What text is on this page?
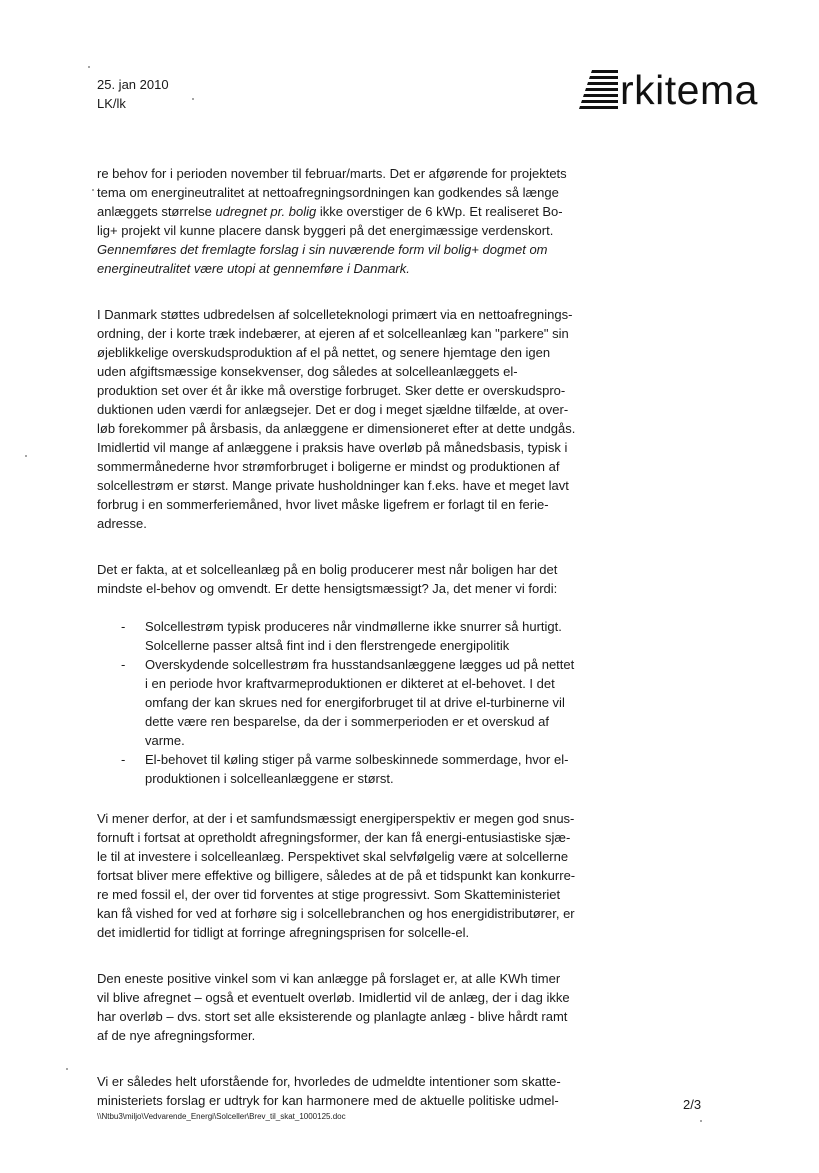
25. jan 2010
LK/lk	rkitema

re behov for i perioden november til februar/marts. Det er afgørende for projektets
tema om energineutralitet at nettoafregningsordningen kan godkendes så længe
anlæggets størrelse udregnet pr. bolig ikke overstiger de 6 kWp. Et realiseret Bo-
lig+ projekt vil kunne placere dansk byggeri på det energimæssige verdenskort.
Gennemføres det fremlagte forslag i sin nuværende form vil bolig+ dogmet om
energineutralitet være utopi at gennemføre i Danmark.

I Danmark støttes udbredelsen af solcelleteknologi primært via en nettoafregnings-
ordning, der i korte træk indebærer, at ejeren af et solcelleanlæg kan "parkere" sin
øjeblikkelige overskudsproduktion af el på nettet, og senere hjemtage den igen
uden afgiftsmæssige konsekvenser, dog således at solcelleanlæggets el-
produktion set over ét år ikke må overstige forbruget. Sker dette er overskudspro-
duktionen uden værdi for anlægsejer. Det er dog i meget sjældne tilfælde, at over-
løb forekommer på årsbasis, da anlæggene er dimensioneret efter at dette undgås.
Imidlertid vil mange af anlæggene i praksis have overløb på månedsbasis, typisk i
sommermånederne hvor strømforbruget i boligerne er mindst og produktionen af
solcellestrøm er størst. Mange private husholdninger kan f.eks. have et meget lavt
forbrug i en sommerferiemåned, hvor livet måske ligefrem er forlagt til en ferie-
adresse.

Det er fakta, at et solcelleanlæg på en bolig producerer mest når boligen har det
mindste el-behov og omvendt. Er dette hensigtsmæssigt? Ja, det mener vi fordi:

- Solcellestrøm typisk produceres når vindmøllerne ikke snurrer så hurtigt.
Solcellerne passer altså fint ind i den flerstrengede energipolitik
- Overskydende solcellestrøm fra husstandsanlæggene lægges ud på nettet
i en periode hvor kraftvarmeproduktionen er dikteret at el-behovet. I det
omfang der kan skrues ned for energiforbruget til at drive el-turbinerne vil
dette være ren besparelse, da der i sommerperioden er et overskud af
varme.
- El-behovet til køling stiger på varme solbeskinnede sommerdage, hvor el-
produktionen i solcelleanlæggene er størst.

Vi mener derfor, at der i et samfundsmæssigt energiperspektiv er megen god snus-
fornuft i fortsat at opretholdt afregningsformer, der kan få energi-entusiastiske sjæ-
le til at investere i solcelleanlæg. Perspektivet skal selvfølgelig være at solcellerne
fortsat bliver mere effektive og billigere, således at de på et tidspunkt kan konkurre-
re med fossil el, der over tid forventes at stige progressivt. Som Skatteministeriet
kan få vished for ved at forhøre sig i solcellebranchen og hos energidistributører, er
det imidlertid for tidligt at forringe afregningsprisen for solcelle-el.

Den eneste positive vinkel som vi kan anlægge på forslaget er, at alle KWh timer
vil blive afregnet – også et eventuelt overløb. Imidlertid vil de anlæg, der i dag ikke
har overløb – dvs. stort set alle eksisterende og planlagte anlæg - blive hårdt ramt
af de nye afregningsformer.

Vi er således helt uforstående for, hvorledes de udmeldte intentioner som skatte-
ministeriets forslag er udtryk for kan harmonere med de aktuelle politiske udmel-	2/3
\\Ntbu3\miljo\Vedvarende_Energi\Solceller\Brev_til_skat_1000125.doc
